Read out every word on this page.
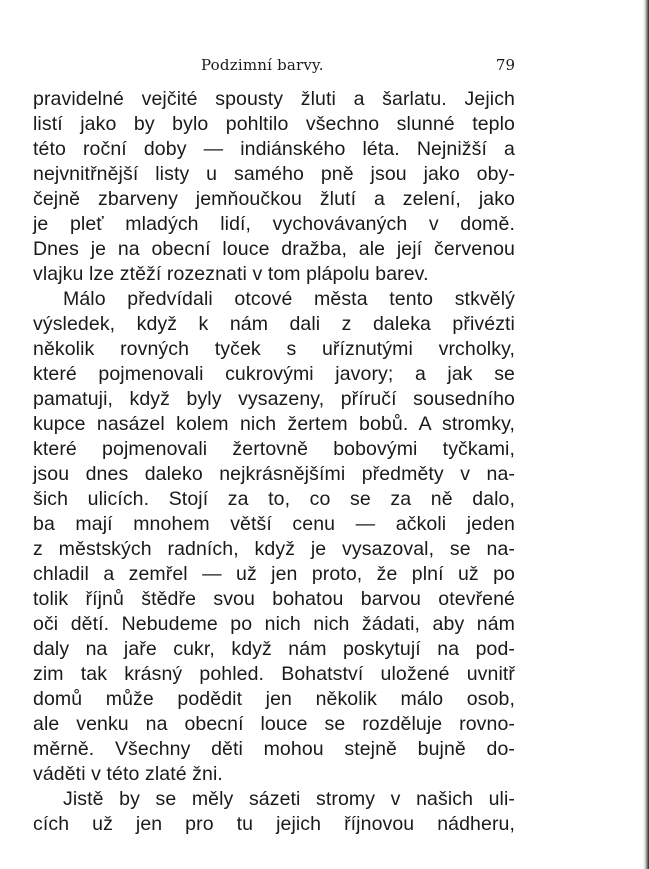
Podzimní barvy.	79
pravidelné vejčité spousty žluti a šarlatu. Jejich
listí jako by bylo pohltilo všechno slunné teplo
této roční doby — indiánského léta. Nejnižší a
nejvnitřnější listy u samého pně jsou jako oby-
čejně zbarveny jemňoučkou žlutí a zelení, jako
je pleť mladých lidí, vychovávaných v domě.
Dnes je na obecní louce dražba, ale její červenou
vlajku lze ztěží rozeznati v tom plápolu barev.
Málo předvídali otcové města tento stkvělý
výsledek, když k nám dali z daleka přivézti
několik rovných tyček s uříznutými vrcholky,
které pojmenovali cukrovými javory; a jak se
pamatuji, když byly vysazeny, příručí sousedního
kupce nasázel kolem nich žertem bobů. A stromky,
které pojmenovali žertovně bobovými tyčkami,
jsou dnes daleko nejkrásnějšími předměty v na-
šich ulicích. Stojí za to, co se za ně dalo,
ba mají mnohem větší cenu — ačkoli jeden
z městských radních, když je vysazoval, se na-
chladil a zemřel — už jen proto, že plní už po
tolik říjnů štědře svou bohatou barvou otevřené
oči dětí. Nebudeme po nich nich žádati, aby nám
daly na jaře cukr, když nám poskytují na pod-
zim tak krásný pohled. Bohatství uložené uvnitř
domů může podědit jen několik málo osob,
ale venku na obecní louce se rozděluje rovno-
měrně. Všechny děti mohou stejně bujně do-
váděti v této zlaté žni.
Jistě by se měly sázeti stromy v našich uli-
cích už jen pro tu jejich říjnovou nádheru,
